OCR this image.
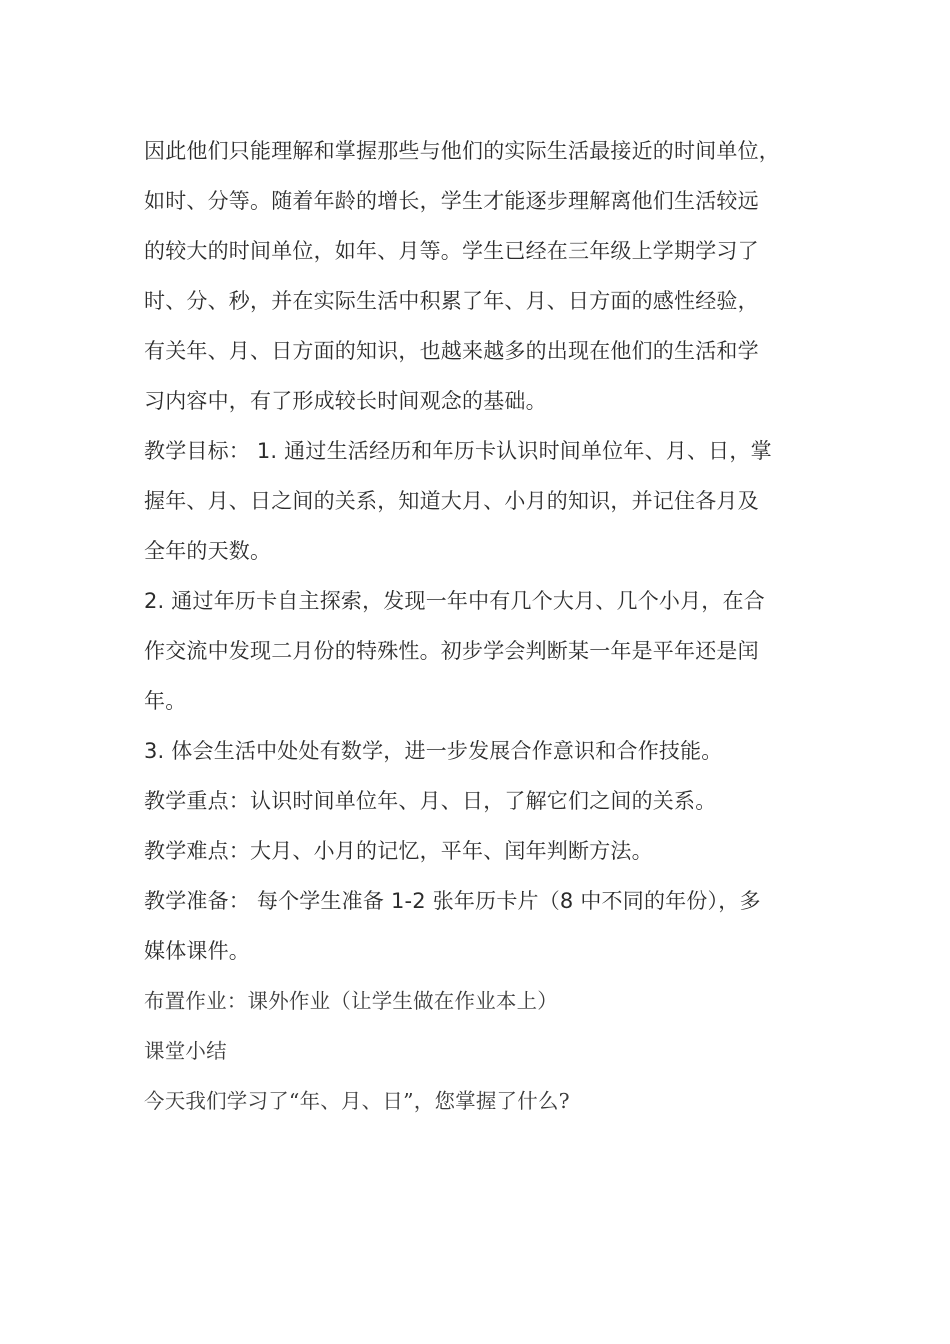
因此他们只能理解和掌握那些与他们的实际生活最接近的时间单位，
如时、分等。随着年龄的增长，学生才能逐步理解离他们生活较远
的较大的时间单位，如年、月等。学生已经在三年级上学期学习了
时、分、秒，并在实际生活中积累了年、月、日方面的感性经验，
有关年、月、日方面的知识，也越来越多的出现在他们的生活和学
习内容中，有了形成较长时间观念的基础。
教学目标： 1. 通过生活经历和年历卡认识时间单位年、月、日，掌
握年、月、日之间的关系，知道大月、小月的知识，并记住各月及
全年的天数。
2. 通过年历卡自主探索，发现一年中有几个大月、几个小月，在合
作交流中发现二月份的特殊性。初步学会判断某一年是平年还是闰
年。
3. 体会生活中处处有数学，进一步发展合作意识和合作技能。
教学重点：认识时间单位年、月、日，了解它们之间的关系。
教学难点：大月、小月的记忆，平年、闰年判断方法。
教学准备： 每个学生准备 1-2 张年历卡片（8 中不同的年份），多
媒体课件。
布置作业：课外作业（让学生做在作业本上）
课堂小结
今天我们学习了“年、月、日”，您掌握了什么?
